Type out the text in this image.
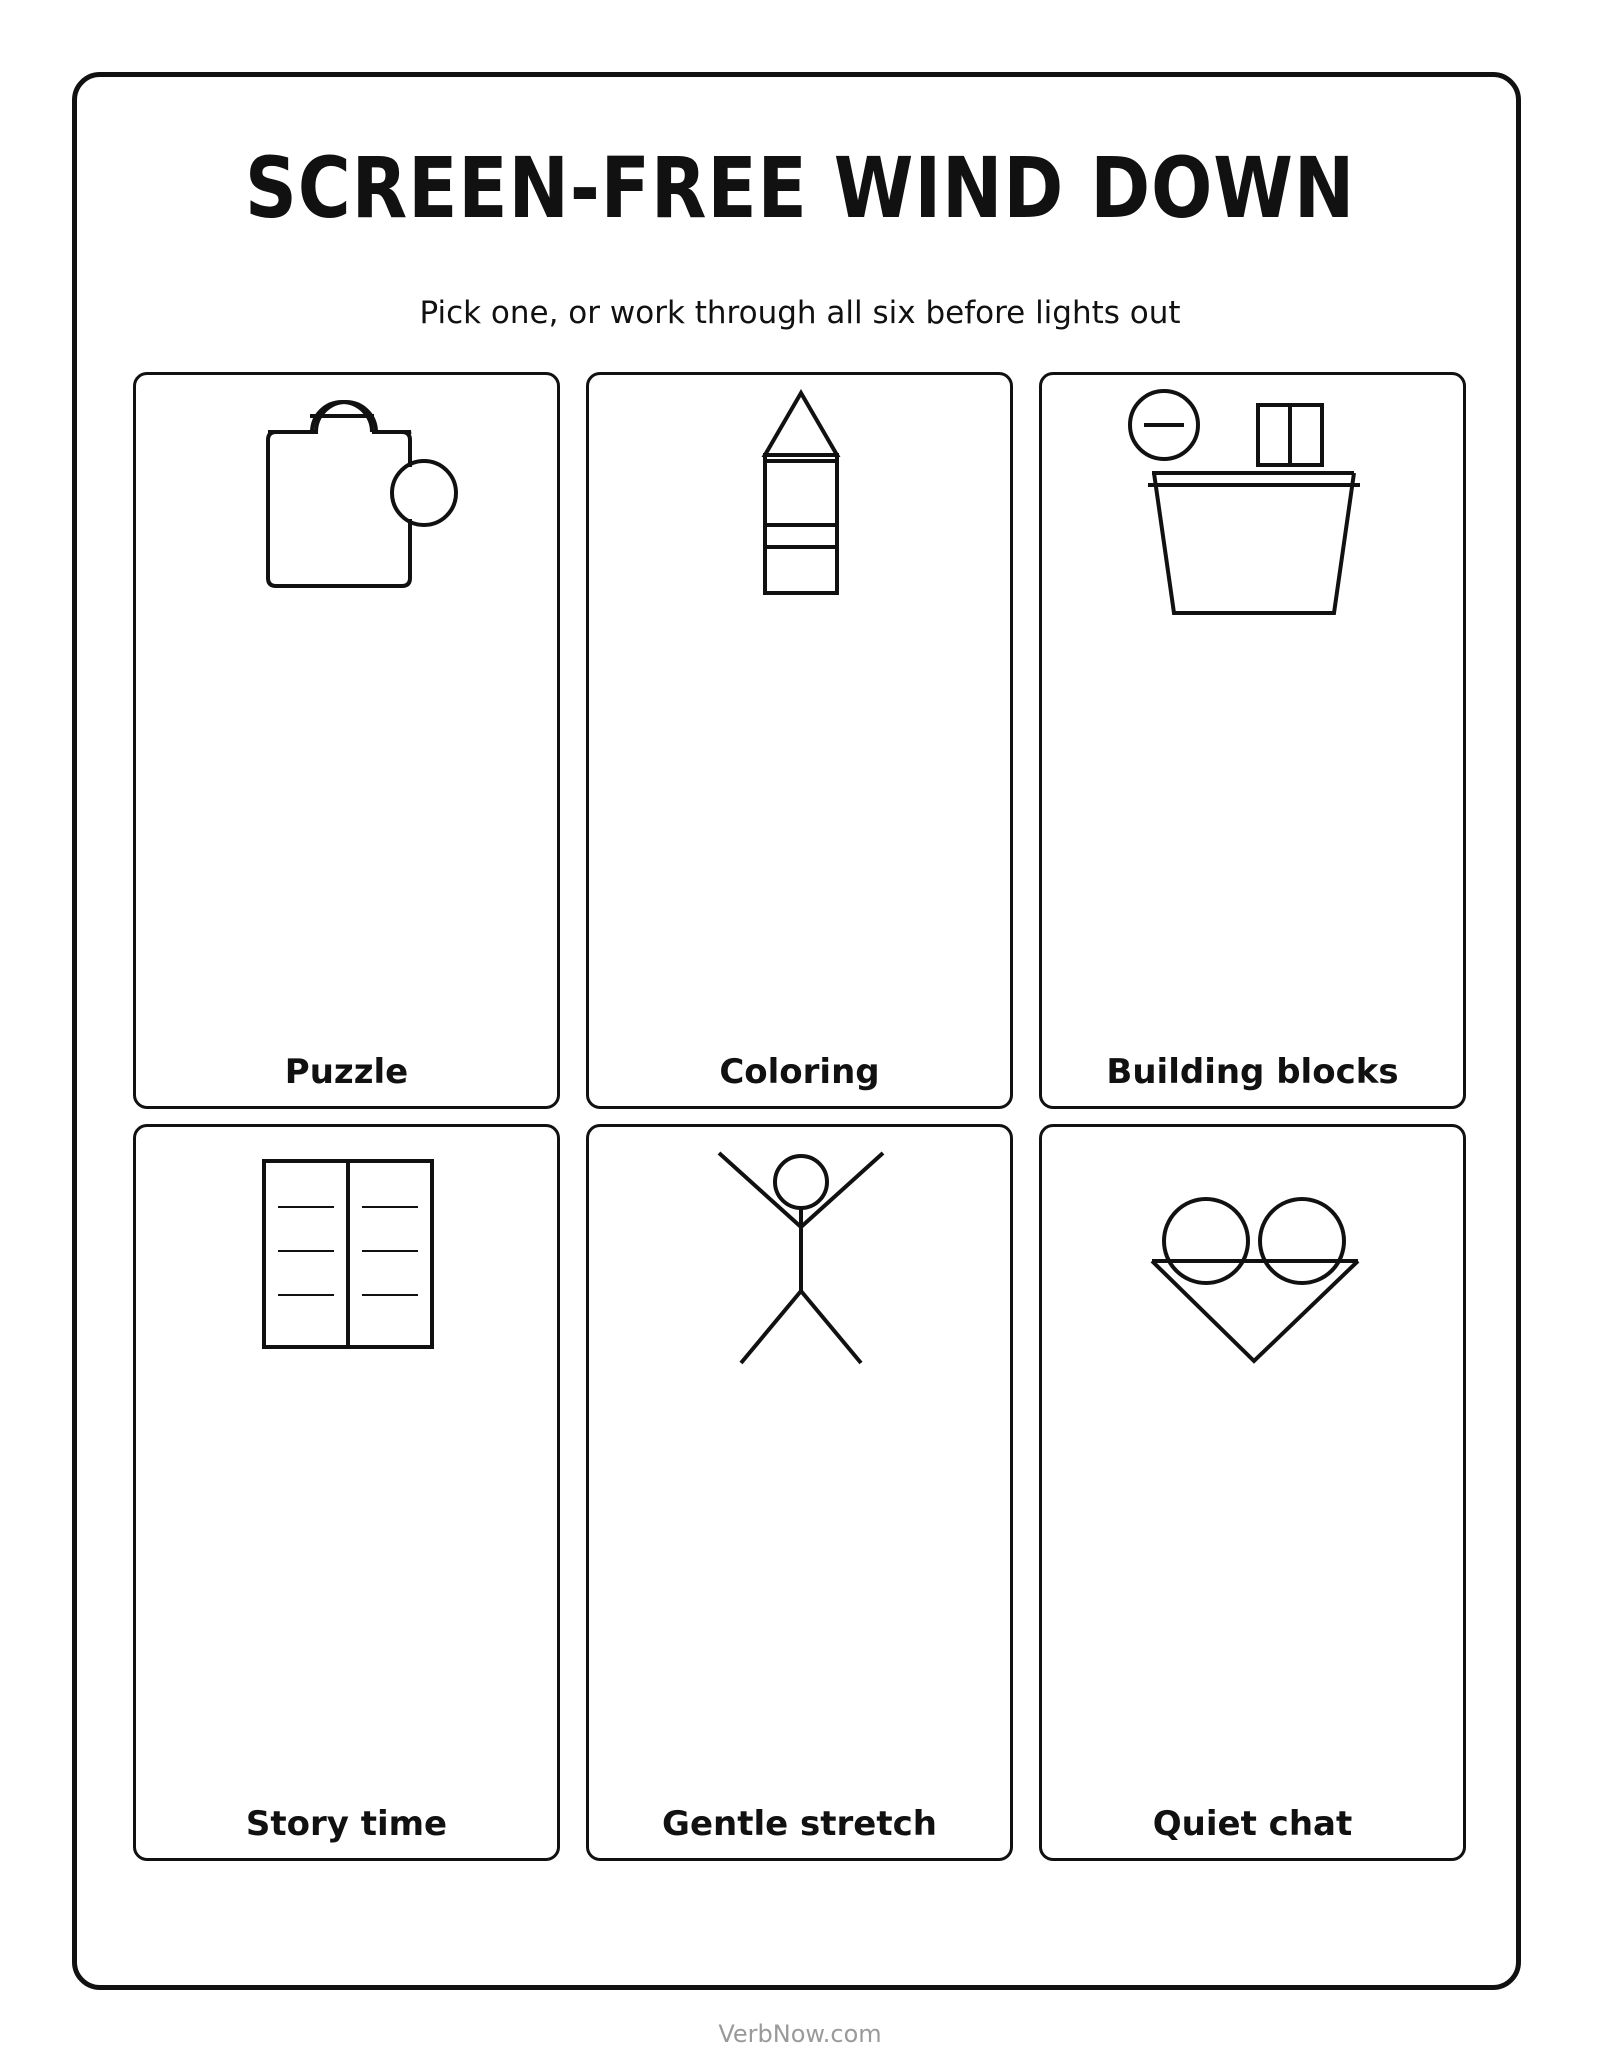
SCREEN-FREE WIND DOWN
Pick one, or work through all six before lights out
Puzzle	Coloring	Building blocks
Story time	Gentle stretch	Quiet chat
VerbNow.com
